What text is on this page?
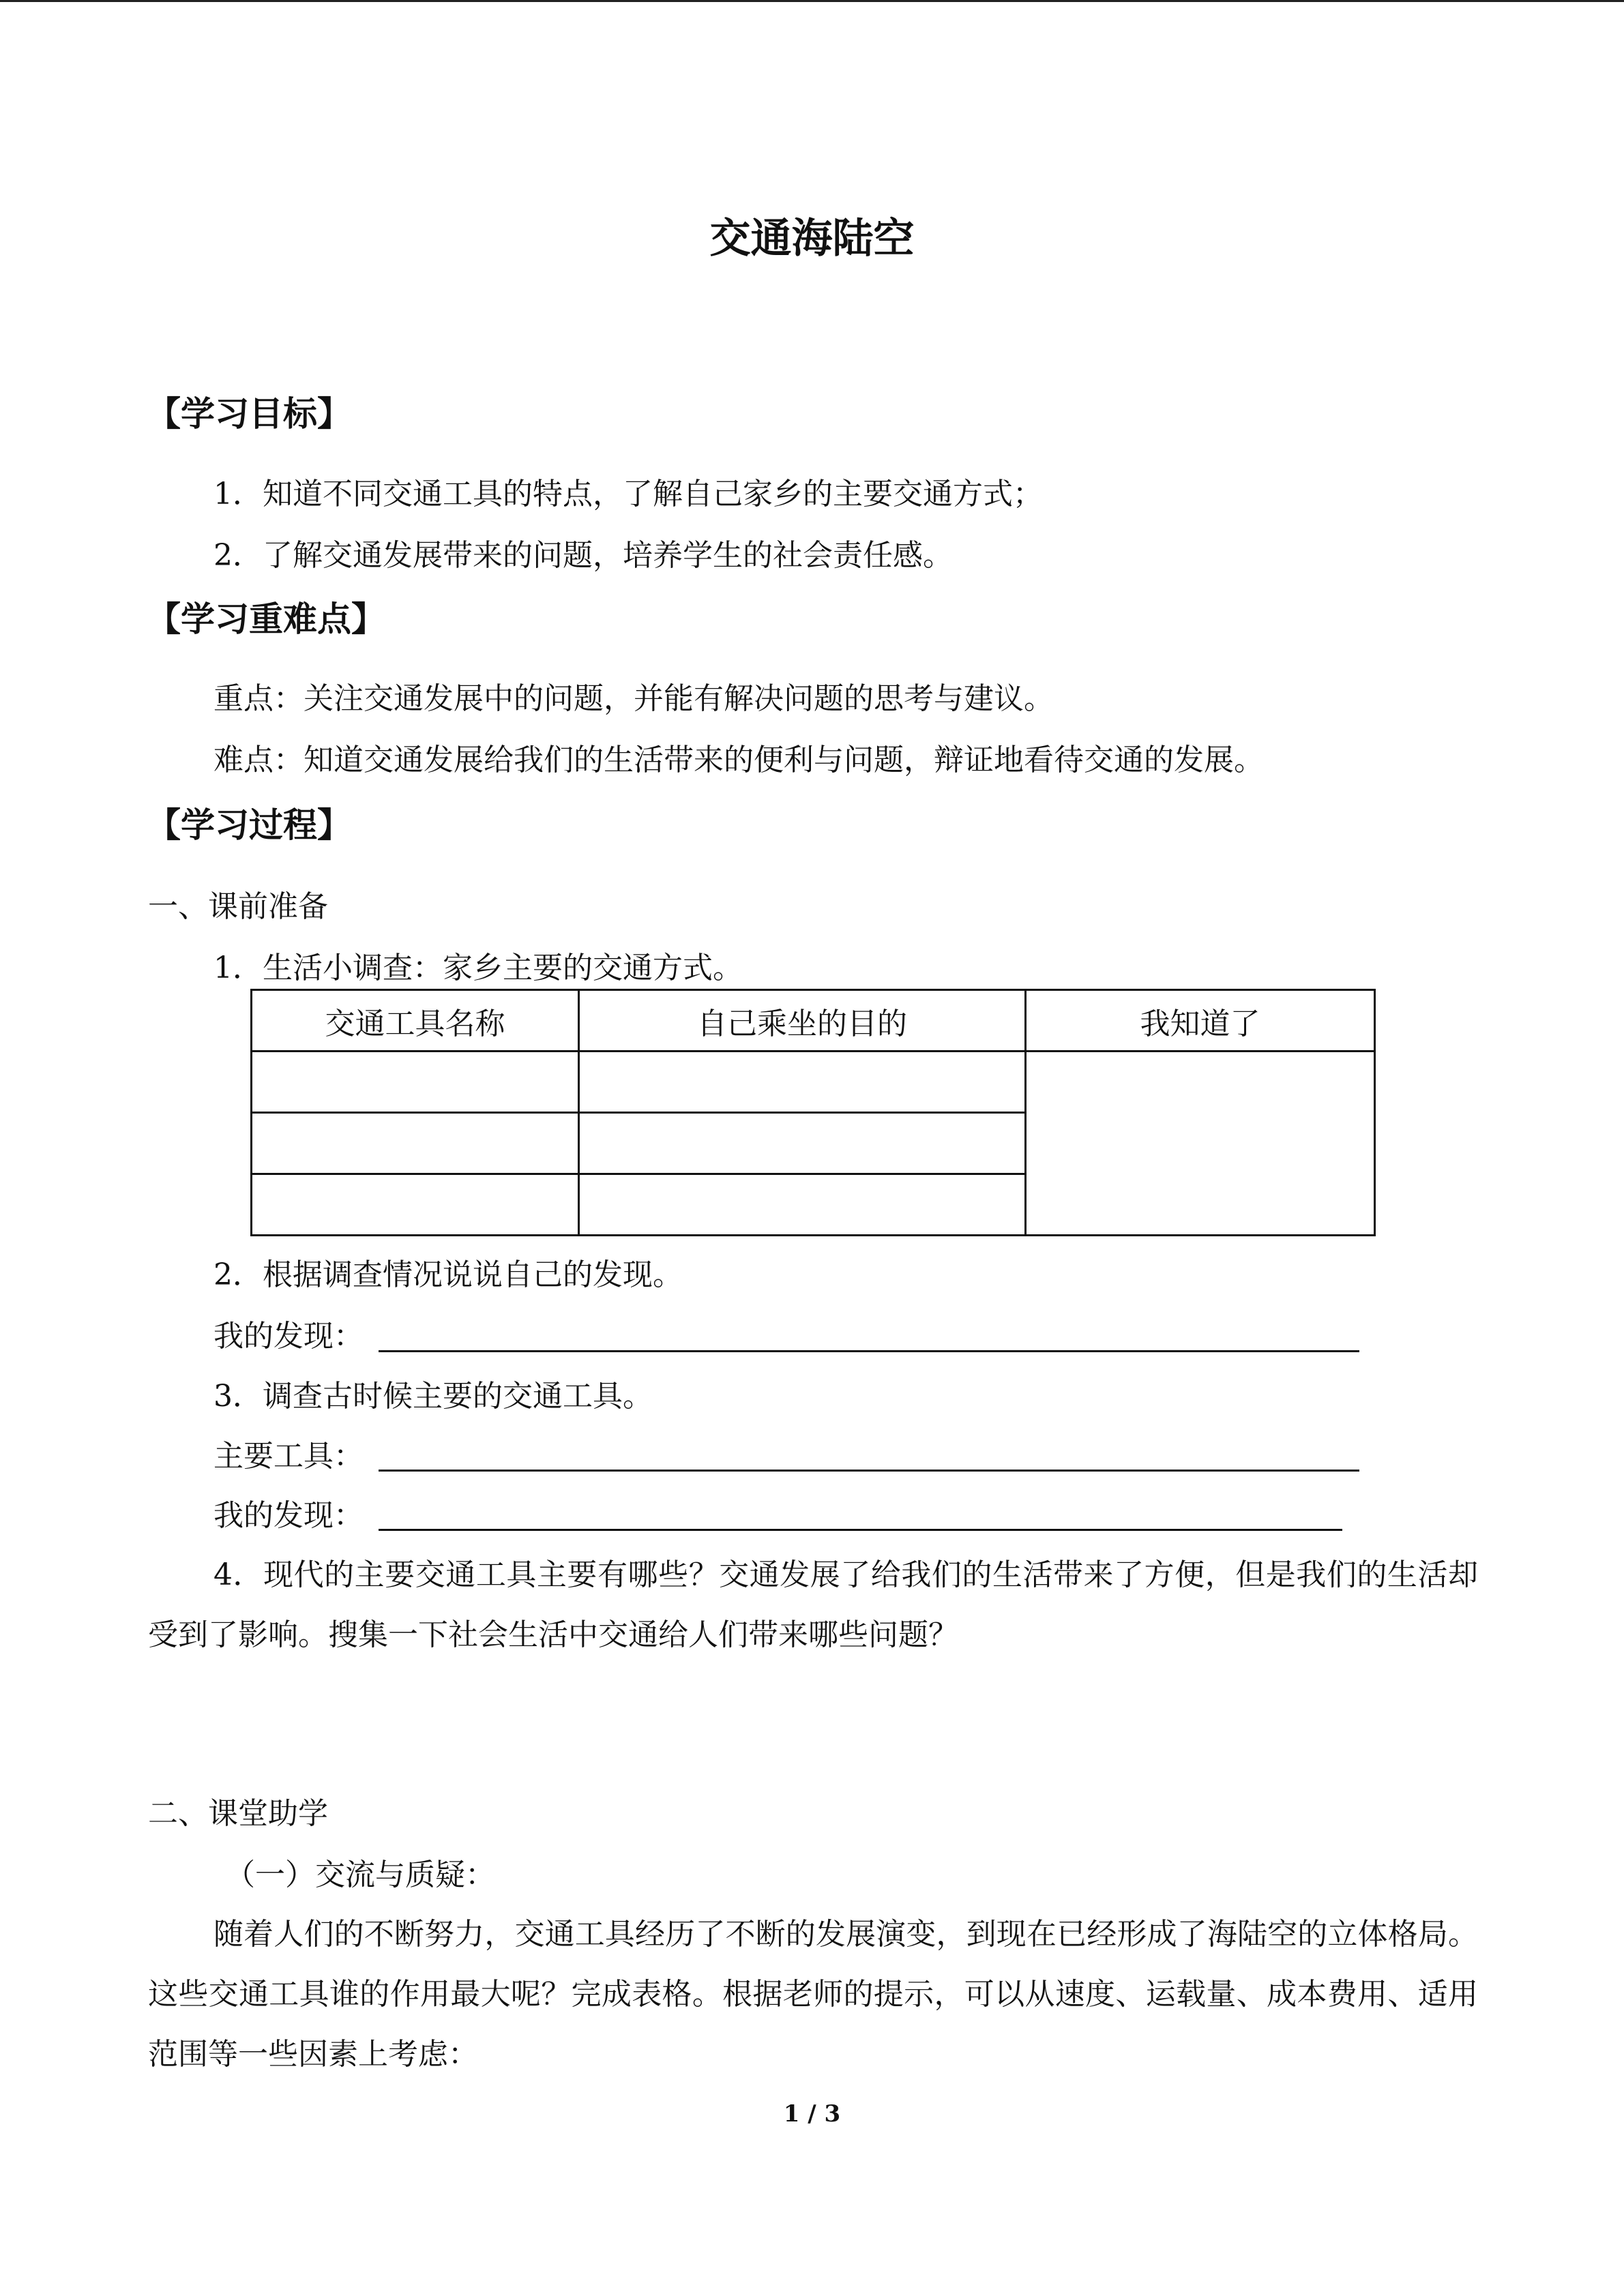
交通海陆空
【学习目标】
1．知道不同交通工具的特点，了解自己家乡的主要交通方式；
2．了解交通发展带来的问题，培养学生的社会责任感。
【学习重难点】
重点：关注交通发展中的问题，并能有解决问题的思考与建议。
难点：知道交通发展给我们的生活带来的便利与问题，辩证地看待交通的发展。
【学习过程】
一、课前准备
1．生活小调查：家乡主要的交通方式。
交通工具名称	自己乘坐的目的	我知道了

2．根据调查情况说说自己的发现。
我的发现：
3．调查古时候主要的交通工具。
主要工具：
我的发现：
4．现代的主要交通工具主要有哪些？交通发展了给我们的生活带来了方便，但是我们的生活却受到了影响。搜集一下社会生活中交通给人们带来哪些问题？
二、课堂助学
（一）交流与质疑：
随着人们的不断努力，交通工具经历了不断的发展演变，到现在已经形成了海陆空的立体格局。这些交通工具谁的作用最大呢？完成表格。根据老师的提示，可以从速度、运载量、成本费用、适用范围等一些因素上考虑：
1 / 3
